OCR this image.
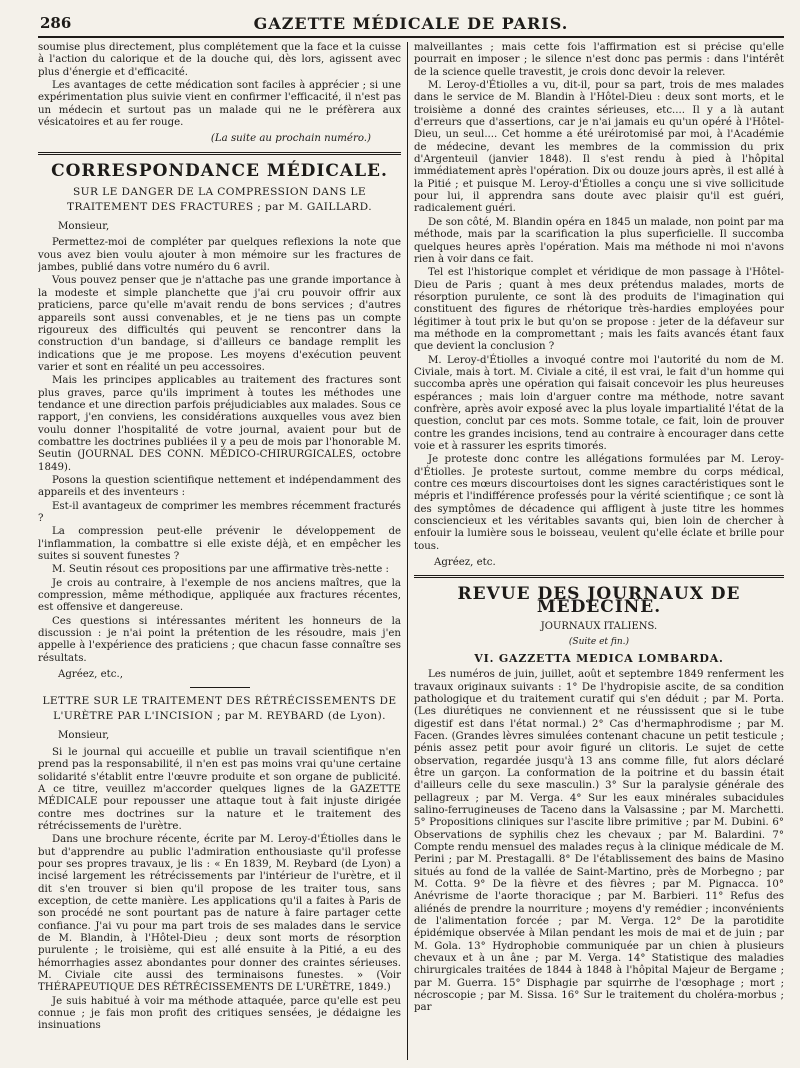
286	GAZETTE MÉDICALE DE PARIS.

soumise plus directement, plus complétement que la face et la cuisse à l'action du calorique et de la douche qui, dès lors, agissent avec plus d'énergie et d'efficacité.

Les avantages de cette médication sont faciles à apprécier ; si une expérimentation plus suivie vient en confirmer l'efficacité, il n'est pas un médecin et surtout pas un malade qui ne le préfèrera aux vésicatoires et au fer rouge.

(La suite au prochain numéro.)

CORRESPONDANCE MÉDICALE.

SUR LE DANGER DE LA COMPRESSION DANS LE TRAITEMENT DES FRACTURES ; par M. GAILLARD.

Monsieur,

Permettez-moi de compléter par quelques reflexions la note que vous avez bien voulu ajouter à mon mémoire sur les fractures de jambes, publié dans votre numéro du 6 avril.

Vous pouvez penser que je n'attache pas une grande importance à la modeste et simple planchette que j'ai cru pouvoir offrir aux praticiens, parce qu'elle m'avait rendu de bons services ; d'autres appareils sont aussi convenables, et je ne tiens pas un compte rigoureux des difficultés qui peuvent se rencontrer dans la construction d'un bandage, si d'ailleurs ce bandage remplit les indications que je me propose. Les moyens d'exécution peuvent varier et sont en réalité un peu accessoires.

Mais les principes applicables au traitement des fractures sont plus graves, parce qu'ils impriment à toutes les méthodes une tendance et une direction parfois préjudiciables aux malades. Sous ce rapport, j'en conviens, les considérations auxquelles vous avez bien voulu donner l'hospitalité de votre journal, avaient pour but de combattre les doctrines publiées il y a peu de mois par l'honorable M. Seutin (JOURNAL DES CONN. MÉDICO-CHIRURGICALES, octobre 1849).

Posons la question scientifique nettement et indépendamment des appareils et des inventeurs :

Est-il avantageux de comprimer les membres récemment fracturés ?

La compression peut-elle prévenir le développement de l'inflammation, la combattre si elle existe déjà, et en empêcher les suites si souvent funestes ?

M. Seutin résout ces propositions par une affirmative très-nette :

Je crois au contraire, à l'exemple de nos anciens maîtres, que la compression, même méthodique, appliquée aux fractures récentes, est offensive et dangereuse.

Ces questions si intéressantes méritent les honneurs de la discussion : je n'ai point la prétention de les résoudre, mais j'en appelle à l'expérience des praticiens ; que chacun fasse connaître ses résultats.

Agréez, etc.,

LETTRE SUR LE TRAITEMENT DES RÉTRÉCISSEMENTS DE L'URÈTRE PAR L'INCISION ; par M. REYBARD (de Lyon).

Monsieur,

Si le journal qui accueille et publie un travail scientifique n'en prend pas la responsabilité, il n'en est pas moins vrai qu'une certaine solidarité s'établit entre l'œuvre produite et son organe de publicité. A ce titre, veuillez m'accorder quelques lignes de la GAZETTE MÉDICALE pour repousser une attaque tout à fait injuste dirigée contre mes doctrines sur la nature et le traitement des rétrécissements de l'urètre.

Dans une brochure récente, écrite par M. Leroy-d'Étiolles dans le but d'apprendre au public l'admiration enthousiaste qu'il professe pour ses propres travaux, je lis : « En 1839, M. Reybard (de Lyon) a incisé largement les rétrécissements par l'intérieur de l'urètre, et il dit s'en trouver si bien qu'il propose de les traiter tous, sans exception, de cette manière. Les applications qu'il a faites à Paris de son procédé ne sont pourtant pas de nature à faire partager cette confiance. J'ai vu pour ma part trois de ses malades dans le service de M. Blandin, à l'Hôtel-Dieu ; deux sont morts de résorption purulente ; le troisième, qui est allé ensuite à la Pitié, a eu des hémorrhagies assez abondantes pour donner des craintes sérieuses. M. Civiale cite aussi des terminaisons funestes. » (Voir THÉRAPEUTIQUE DES RÉTRÉCISSEMENTS DE L'URÈTRE, 1849.)

Je suis habitué à voir ma méthode attaquée, parce qu'elle est peu connue ; je fais mon profit des critiques sensées, je dédaigne les insinuations

malveillantes ; mais cette fois l'affirmation est si précise qu'elle pourrait en imposer ; le silence n'est donc pas permis : dans l'intérêt de la science quelle travestit, je crois donc devoir la relever.

M. Leroy-d'Étiolles a vu, dit-il, pour sa part, trois de mes malades dans le service de M. Blandin à l'Hôtel-Dieu : deux sont morts, et le troisième a donné des craintes sérieuses, etc.... Il y a là autant d'erreurs que d'assertions, car je n'ai jamais eu qu'un opéré à l'Hôtel-Dieu, un seul.... Cet homme a été uréirotomisé par moi, à l'Académie de médecine, devant les membres de la commission du prix d'Argenteuil (janvier 1848). Il s'est rendu à pied à l'hôpital immédiatement après l'opération. Dix ou douze jours après, il est allé à la Pitié ; et puisque M. Leroy-d'Étiolles a conçu une si vive sollicitude pour lui, il apprendra sans doute avec plaisir qu'il est guéri, radicalement guéri.

De son côté, M. Blandin opéra en 1845 un malade, non point par ma méthode, mais par la scarification la plus superficielle. Il succomba quelques heures après l'opération. Mais ma méthode ni moi n'avons rien à voir dans ce fait.

Tel est l'historique complet et véridique de mon passage à l'Hôtel-Dieu de Paris ; quant à mes deux prétendus malades, morts de résorption purulente, ce sont là des produits de l'imagination qui constituent des figures de rhétorique très-hardies employées pour légitimer à tout prix le but qu'on se propose : jeter de la défaveur sur ma méthode en la compromettant ; mais les faits avancés étant faux que devient la conclusion ?

M. Leroy-d'Étiolles a invoqué contre moi l'autorité du nom de M. Civiale, mais à tort. M. Civiale a cité, il est vrai, le fait d'un homme qui succomba après une opération qui faisait concevoir les plus heureuses espérances ; mais loin d'arguer contre ma méthode, notre savant confrère, après avoir exposé avec la plus loyale impartialité l'état de la question, conclut par ces mots. Somme totale, ce fait, loin de prouver contre les grandes incisions, tend au contraire à encourager dans cette voie et à rassurer les esprits timorés.

Je proteste donc contre les allégations formulées par M. Leroy-d'Étiolles. Je proteste surtout, comme membre du corps médical, contre ces mœurs discourtoises dont les signes caractéristiques sont le mépris et l'indifférence professés pour la vérité scientifique ; ce sont là des symptômes de décadence qui affligent à juste titre les hommes consciencieux et les véritables savants qui, bien loin de chercher à enfouir la lumière sous le boisseau, veulent qu'elle éclate et brille pour tous.

Agréez, etc.

REVUE DES JOURNAUX DE MÉDECINE.

JOURNAUX ITALIENS.

(Suite et fin.)

VI. GAZZETTA MEDICA LOMBARDA.

Les numéros de juin, juillet, août et septembre 1849 renferment les travaux originaux suivants : 1° De l'hydropisie ascite, de sa condition pathologique et du traitement curatif qui s'en déduit ; par M. Porta. (Les diurétiques ne conviennent et ne réussissent que si le tube digestif est dans l'état normal.) 2° Cas d'hermaphrodisme ; par M. Facen. (Grandes lèvres simulées contenant chacune un petit testicule ; pénis assez petit pour avoir figuré un clitoris. Le sujet de cette observation, regardée jusqu'à 13 ans comme fille, fut alors déclaré être un garçon. La conformation de la poitrine et du bassin était d'ailleurs celle du sexe masculin.) 3° Sur la paralysie générale des pellagreux ; par M. Verga. 4° Sur les eaux minérales subacidules salino-ferrugineuses de Taceno dans la Valsassine ; par M. Marchetti. 5° Propositions cliniques sur l'ascite libre primitive ; par M. Dubini. 6° Observations de syphilis chez les chevaux ; par M. Balardini. 7° Compte rendu mensuel des malades reçus à la clinique médicale de M. Perini ; par M. Prestagalli. 8° De l'établissement des bains de Masino situés au fond de la vallée de Saint-Martino, près de Morbegno ; par M. Cotta. 9° De la fièvre et des fièvres ; par M. Pignacca. 10° Anévrisme de l'aorte thoracique ; par M. Barbieri. 11° Refus des aliénés de prendre la nourriture ; moyens d'y remédier ; inconvénients de l'alimentation forcée ; par M. Verga. 12° De la parotidite épidémique observée à Milan pendant les mois de mai et de juin ; par M. Gola. 13° Hydrophobie communiquée par un chien à plusieurs chevaux et à un âne ; par M. Verga. 14° Statistique des maladies chirurgicales traitées de 1844 à 1848 à l'hôpital Majeur de Bergame ; par M. Guerra. 15° Disphagie par squirrhe de l'œsophage ; mort ; nécroscopie ; par M. Sissa. 16° Sur le traitement du choléra-morbus ; par
